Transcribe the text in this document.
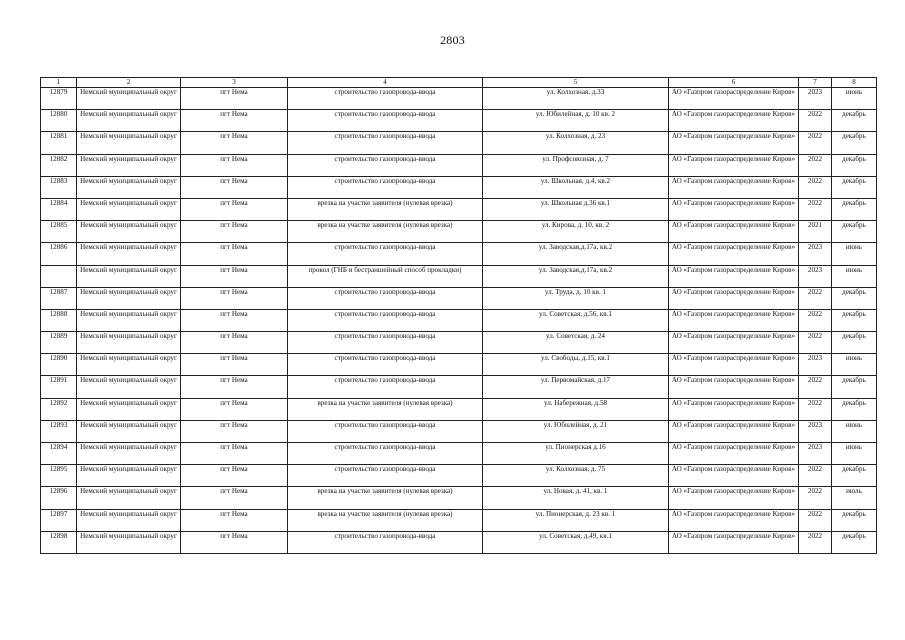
2803
1	2	3	4	5	6	7	8
12879	Немский муниципальный округ	пгт Нема	строительство газопровода-ввода	ул. Колхозная, д.33	АО «Газпром газораспределение Киров»	2023	июнь
12880	Немский муниципальный округ	пгт Нема	строительство газопровода-ввода	ул. Юбилейная, д. 10 кв. 2	АО «Газпром газораспределение Киров»	2022	декабрь
12881	Немский муниципальный округ	пгт Нема	строительство газопровода-ввода	ул. Колхозная, д. 23	АО «Газпром газораспределение Киров»	2022	декабрь
12882	Немский муниципальный округ	пгт Нема	строительство газопровода-ввода	ул. Профсоюзная, д. 7	АО «Газпром газораспределение Киров»	2022	декабрь
12883	Немский муниципальный округ	пгт Нема	строительство газопровода-ввода	ул. Школьная, д.4, кв.2	АО «Газпром газораспределение Киров»	2022	декабрь
12884	Немский муниципальный округ	пгт Нема	врезка на участке заявителя (нулевая врезка)	ул. Школьная д.36 кв.1	АО «Газпром газораспределение Киров»	2022	декабрь
12885	Немский муниципальный округ	пгт Нема	врезка на участке заявителя (нулевая врезка)	ул. Кирова, д. 10, кв. 2	АО «Газпром газораспределение Киров»	2021	декабрь
12886	Немский муниципальный округ	пгт Нема	строительство газопровода-ввода	ул. Заводская,д.17а, кв.2	АО «Газпром газораспределение Киров»	2023	июнь
	Немский муниципальный округ	пгт Нема	прокол (ГНБ и бестраншейный способ прокладки)	ул. Заводская,д.17а, кв.2	АО «Газпром газораспределение Киров»	2023	июнь
12887	Немский муниципальный округ	пгт Нема	строительство газопровода-ввода	ул. Труда, д. 10 кв. 1	АО «Газпром газораспределение Киров»	2022	декабрь
12888	Немский муниципальный округ	пгт Нема	строительство газопровода-ввода	ул. Советская, д.56, кв.1	АО «Газпром газораспределение Киров»	2022	декабрь
12889	Немский муниципальный округ	пгт Нема	строительство газопровода-ввода	ул. Советская, д. 24	АО «Газпром газораспределение Киров»	2022	декабрь
12890	Немский муниципальный округ	пгт Нема	строительство газопровода-ввода	ул. Свободы, д.15, кв.1	АО «Газпром газораспределение Киров»	2023	июнь
12891	Немский муниципальный округ	пгт Нема	строительство газопровода-ввода	ул. Первомайская, д.17	АО «Газпром газораспределение Киров»	2022	декабрь
12892	Немский муниципальный округ	пгт Нема	врезка на участке заявителя (нулевая врезка)	ул. Набережная, д.58	АО «Газпром газораспределение Киров»	2022	декабрь
12893	Немский муниципальный округ	пгт Нема	строительство газопровода-ввода	ул. Юбилейная, д. 21	АО «Газпром газораспределение Киров»	2023	июнь
12894	Немский муниципальный округ	пгт Нема	строительство газопровода-ввода	ул. Пионерская д.16	АО «Газпром газораспределение Киров»	2023	июнь
12895	Немский муниципальный округ	пгт Нема	строительство газопровода-ввода	ул. Колхозная, д. 75	АО «Газпром газораспределение Киров»	2022	декабрь
12896	Немский муниципальный округ	пгт Нема	врезка на участке заявителя (нулевая врезка)	ул. Новая, д. 41, кв. 1	АО «Газпром газораспределение Киров»	2022	июль
12897	Немский муниципальный округ	пгт Нема	врезка на участке заявителя (нулевая врезка)	ул. Пионерская, д. 23 кв. 1	АО «Газпром газораспределение Киров»	2022	декабрь
12898	Немский муниципальный округ	пгт Нема	строительство газопровода-ввода	ул. Советская, д.49, кв.1	АО «Газпром газораспределение Киров»	2022	декабрь
